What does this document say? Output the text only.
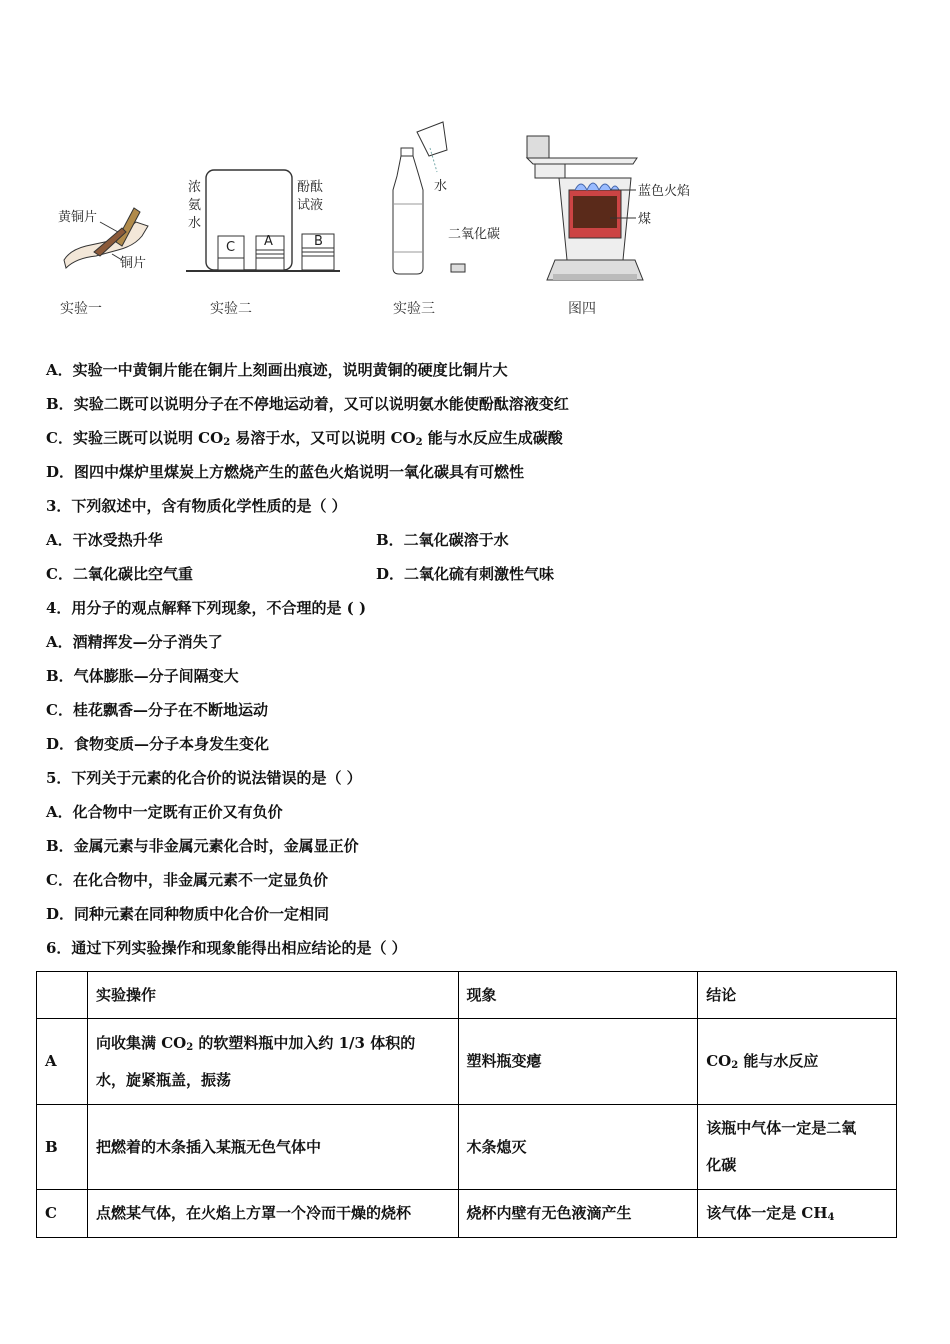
黄铜片
铜片
实验一
浓
氨
水
酚酞
试液
C A	B
实验二
水
二氧化碳
实验三
蓝色火焰
煤
图四
A．实验一中黄铜片能在铜片上刻画出痕迹，说明黄铜的硬度比铜片大
B．实验二既可以说明分子在不停地运动着，又可以说明氨水能使酚酞溶液变红
C．实验三既可以说明 $CO_2$ 易溶于水，又可以说明 $CO_2$ 能与水反应生成碳酸
D．图四中煤炉里煤炭上方燃烧产生的蓝色火焰说明一氧化碳具有可燃性
3．下列叙述中，含有物质化学性质的是（ ）
A．干冰受热升华	B．二氧化碳溶于水
C．二氧化碳比空气重	D．二氧化硫有刺激性气味
4．用分子的观点解释下列现象，不合理的是 ( )
A．酒精挥发—分子消失了
B．气体膨胀—分子间隔变大
C．桂花飘香—分子在不断地运动
D．食物变质—分子本身发生变化
5．下列关于元素的化合价的说法错误的是（ ）
A．化合物中一定既有正价又有负价
B．金属元素与非金属元素化合时，金属显正价
C．在化合物中，非金属元素不一定显负价
D．同种元素在同种物质中化合价一定相同
6．通过下列实验操作和现象能得出相应结论的是（ ）
	实验操作	现象	结论
A	向收集满 $CO_2$ 的软塑料瓶中加入约 1/3 体积的
水，旋紧瓶盖，振荡	塑料瓶变瘪	$CO_2$ 能与水反应
B	把燃着的木条插入某瓶无色气体中	木条熄灭	该瓶中气体一定是二氧
化碳

C	点燃某气体，在火焰上方罩一个冷而干燥的烧杯	烧杯内壁有无色液滴产生	该气体一定是 $CH_4$
